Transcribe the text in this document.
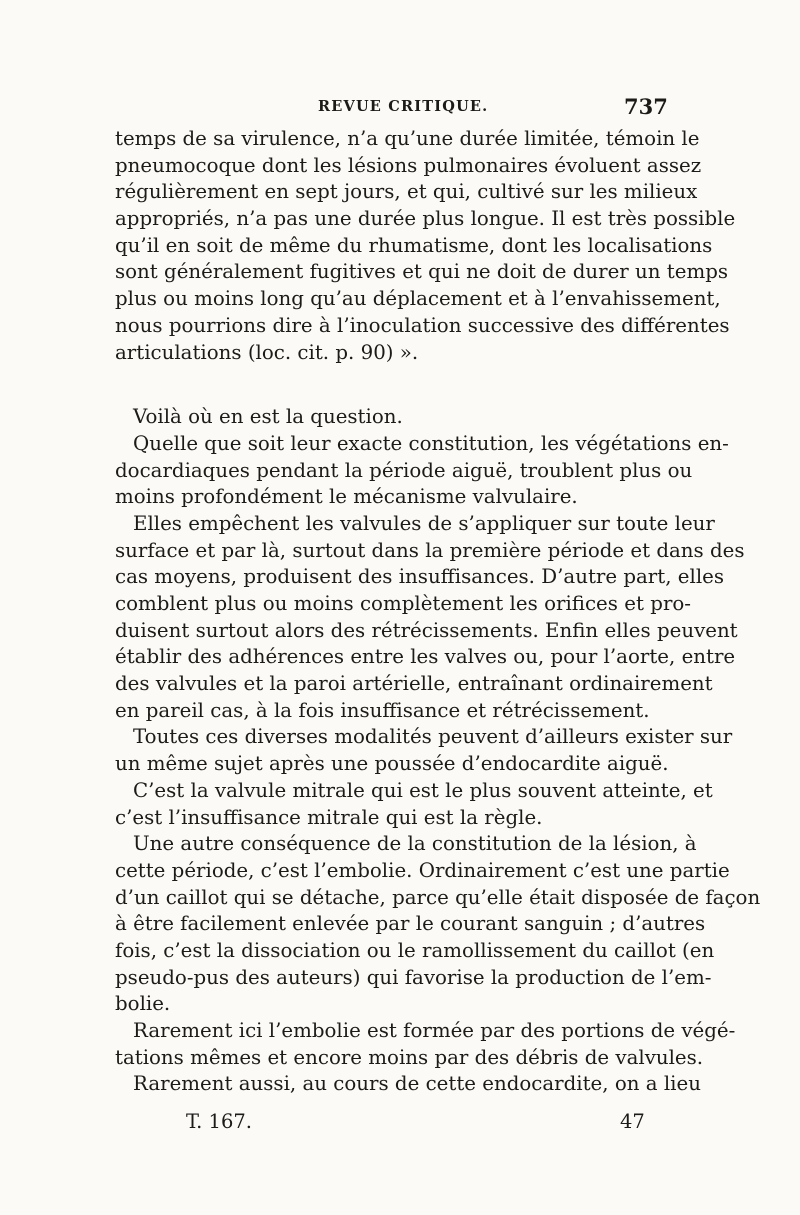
REVUE CRITIQUE.	737
temps de sa virulence, n’a qu’une durée limitée, témoin le
pneumocoque dont les lésions pulmonaires évoluent assez
régulièrement en sept jours, et qui, cultivé sur les milieux
appropriés, n’a pas une durée plus longue. Il est très possible
qu’il en soit de même du rhumatisme, dont les localisations
sont généralement fugitives et qui ne doit de durer un temps
plus ou moins long qu’au déplacement et à l’envahissement,
nous pourrions dire à l’inoculation successive des différentes
articulations (loc. cit. p. 90) ».
Voilà où en est la question.
Quelle que soit leur exacte constitution, les végétations en-
docardiaques pendant la période aiguë, troublent plus ou
moins profondément le mécanisme valvulaire.
Elles empêchent les valvules de s’appliquer sur toute leur
surface et par là, surtout dans la première période et dans des
cas moyens, produisent des insuffisances. D’autre part, elles
comblent plus ou moins complètement les orifices et pro-
duisent surtout alors des rétrécissements. Enfin elles peuvent
établir des adhérences entre les valves ou, pour l’aorte, entre
des valvules et la paroi artérielle, entraînant ordinairement
en pareil cas, à la fois insuffisance et rétrécissement.
Toutes ces diverses modalités peuvent d’ailleurs exister sur
un même sujet après une poussée d’endocardite aiguë.
C’est la valvule mitrale qui est le plus souvent atteinte, et
c’est l’insuffisance mitrale qui est la règle.
Une autre conséquence de la constitution de la lésion, à
cette période, c’est l’embolie. Ordinairement c’est une partie
d’un caillot qui se détache, parce qu’elle était disposée de façon
à être facilement enlevée par le courant sanguin ; d’autres
fois, c’est la dissociation ou le ramollissement du caillot (en
pseudo-pus des auteurs) qui favorise la production de l’em-
bolie.
Rarement ici l’embolie est formée par des portions de végé-
tations mêmes et encore moins par des débris de valvules.
Rarement aussi, au cours de cette endocardite, on a lieu
T. 167.	47
